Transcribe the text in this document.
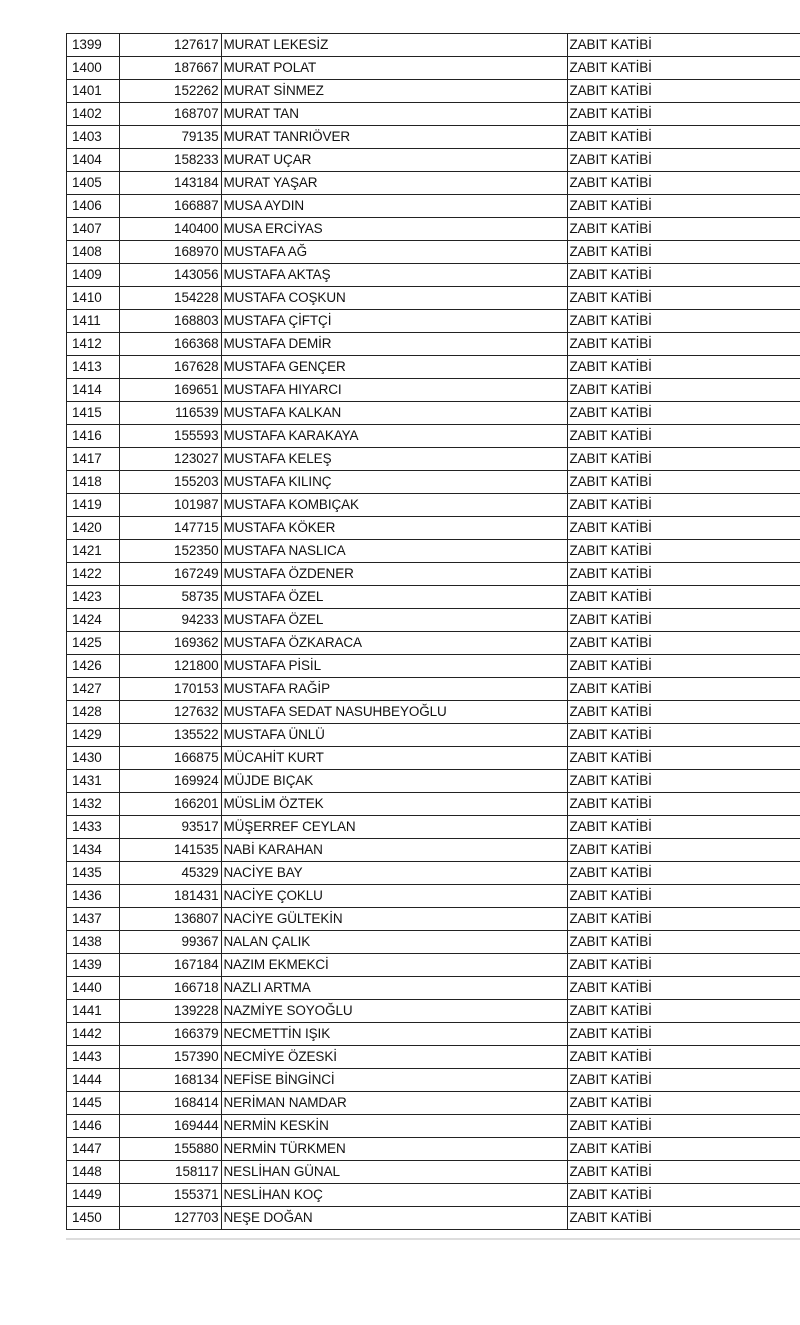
1399	127617	MURAT LEKESİZ	ZABIT KATİBİ
1400	187667	MURAT POLAT	ZABIT KATİBİ
1401	152262	MURAT SİNMEZ	ZABIT KATİBİ
1402	168707	MURAT TAN	ZABIT KATİBİ
1403	79135	MURAT TANRIÖVER	ZABIT KATİBİ
1404	158233	MURAT UÇAR	ZABIT KATİBİ
1405	143184	MURAT YAŞAR	ZABIT KATİBİ
1406	166887	MUSA AYDIN	ZABIT KATİBİ
1407	140400	MUSA ERCİYAS	ZABIT KATİBİ
1408	168970	MUSTAFA AĞ	ZABIT KATİBİ
1409	143056	MUSTAFA AKTAŞ	ZABIT KATİBİ
1410	154228	MUSTAFA COŞKUN	ZABIT KATİBİ
1411	168803	MUSTAFA ÇİFTÇİ	ZABIT KATİBİ
1412	166368	MUSTAFA DEMİR	ZABIT KATİBİ
1413	167628	MUSTAFA GENÇER	ZABIT KATİBİ
1414	169651	MUSTAFA HIYARCI	ZABIT KATİBİ
1415	116539	MUSTAFA KALKAN	ZABIT KATİBİ
1416	155593	MUSTAFA KARAKAYA	ZABIT KATİBİ
1417	123027	MUSTAFA KELEŞ	ZABIT KATİBİ
1418	155203	MUSTAFA KILINÇ	ZABIT KATİBİ
1419	101987	MUSTAFA KOMBIÇAK	ZABIT KATİBİ
1420	147715	MUSTAFA KÖKER	ZABIT KATİBİ
1421	152350	MUSTAFA NASLICA	ZABIT KATİBİ
1422	167249	MUSTAFA ÖZDENER	ZABIT KATİBİ
1423	58735	MUSTAFA ÖZEL	ZABIT KATİBİ
1424	94233	MUSTAFA ÖZEL	ZABIT KATİBİ
1425	169362	MUSTAFA ÖZKARACA	ZABIT KATİBİ
1426	121800	MUSTAFA PİSİL	ZABIT KATİBİ
1427	170153	MUSTAFA RAĞİP	ZABIT KATİBİ
1428	127632	MUSTAFA SEDAT NASUHBEYOĞLU	ZABIT KATİBİ
1429	135522	MUSTAFA ÜNLÜ	ZABIT KATİBİ
1430	166875	MÜCAHİT KURT	ZABIT KATİBİ
1431	169924	MÜJDE BIÇAK	ZABIT KATİBİ
1432	166201	MÜSLİM ÖZTEK	ZABIT KATİBİ
1433	93517	MÜŞERREF CEYLAN	ZABIT KATİBİ
1434	141535	NABİ KARAHAN	ZABIT KATİBİ
1435	45329	NACİYE BAY	ZABIT KATİBİ
1436	181431	NACİYE ÇOKLU	ZABIT KATİBİ
1437	136807	NACİYE GÜLTEKİN	ZABIT KATİBİ
1438	99367	NALAN ÇALIK	ZABIT KATİBİ
1439	167184	NAZIM EKMEKCİ	ZABIT KATİBİ
1440	166718	NAZLI ARTMA	ZABIT KATİBİ
1441	139228	NAZMİYE SOYOĞLU	ZABIT KATİBİ
1442	166379	NECMETTİN IŞIK	ZABIT KATİBİ
1443	157390	NECMİYE ÖZESKİ	ZABIT KATİBİ
1444	168134	NEFİSE BİNGİNCİ	ZABIT KATİBİ
1445	168414	NERİMAN NAMDAR	ZABIT KATİBİ
1446	169444	NERMİN KESKİN	ZABIT KATİBİ
1447	155880	NERMİN TÜRKMEN	ZABIT KATİBİ
1448	158117	NESLİHAN GÜNAL	ZABIT KATİBİ
1449	155371	NESLİHAN KOÇ	ZABIT KATİBİ
1450	127703	NEŞE DOĞAN	ZABIT KATİBİ
